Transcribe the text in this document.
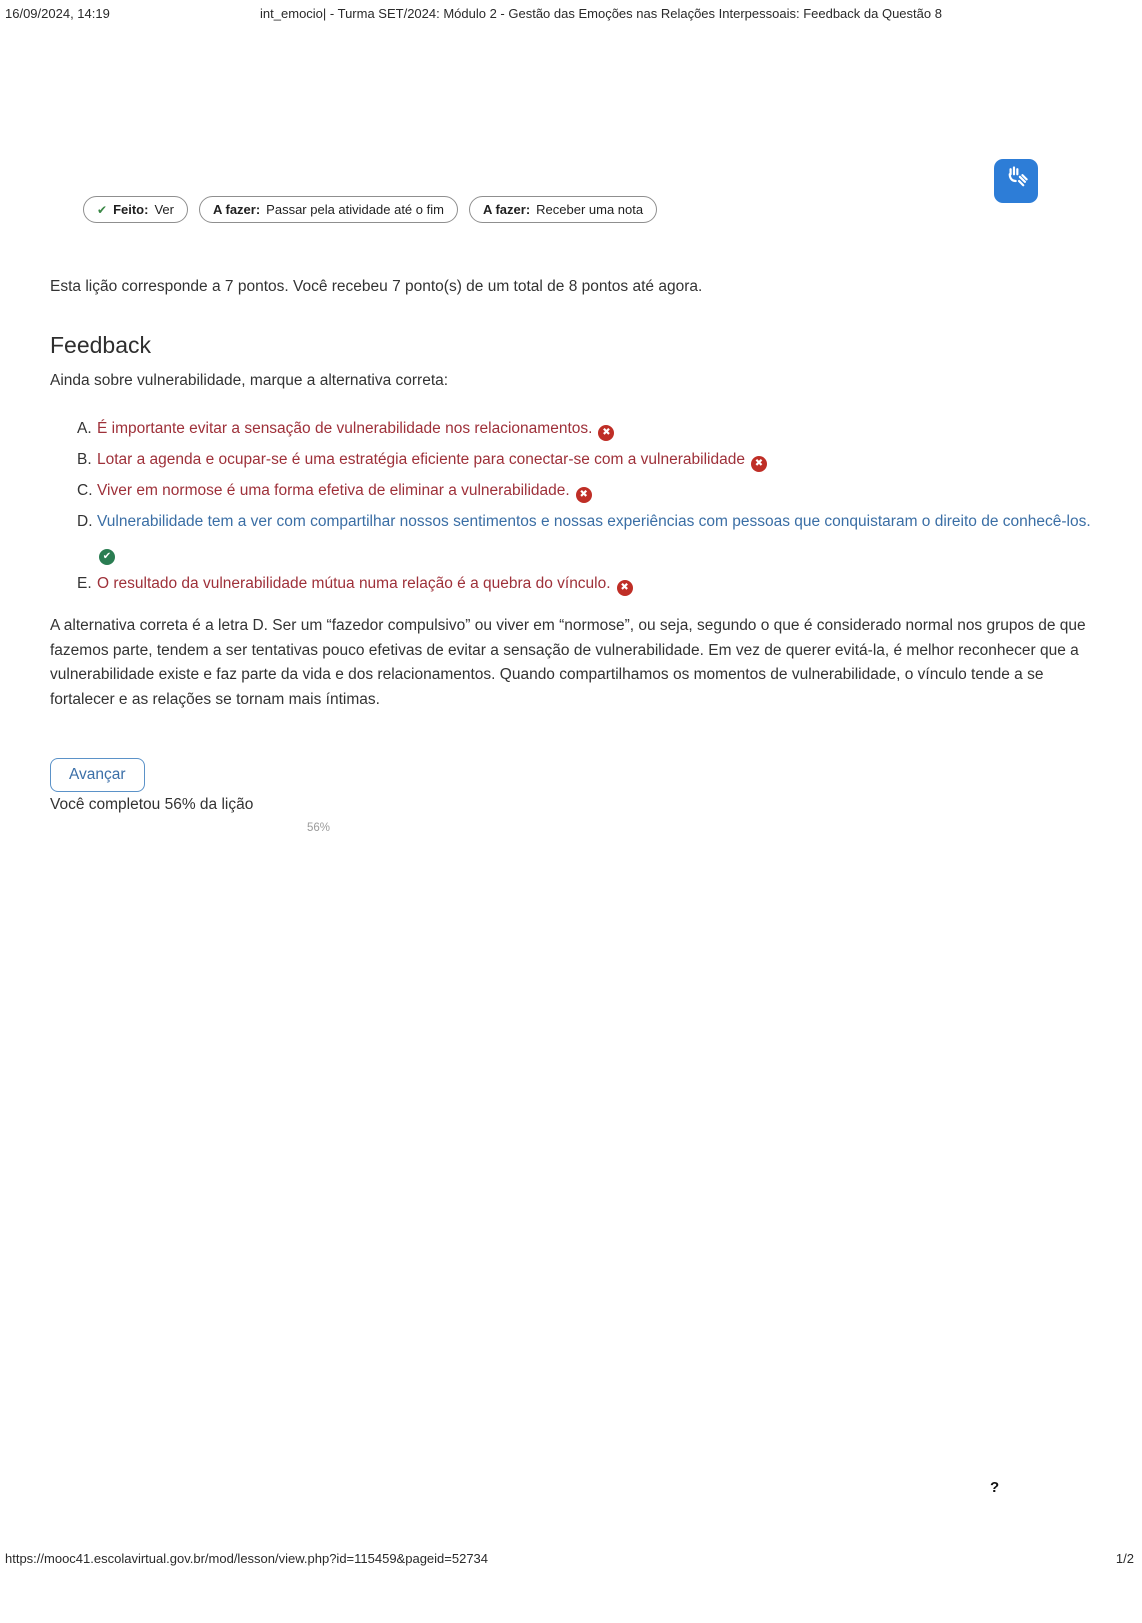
16/09/2024, 14:19	int_emocio| - Turma SET/2024: Módulo 2 - Gestão das Emoções nas Relações Interpessoais: Feedback da Questão 8
✔ Feito: Ver	A fazer: Passar pela atividade até o fim	A fazer: Receber uma nota

Esta lição corresponde a 7 pontos. Você recebeu 7 ponto(s) de um total de 8 pontos até agora.

Feedback

Ainda sobre vulnerabilidade, marque a alternativa correta:

A. É importante evitar a sensação de vulnerabilidade nos relacionamentos. ✖
B. Lotar a agenda e ocupar-se é uma estratégia eficiente para conectar-se com a vulnerabilidade ✖
C. Viver em normose é uma forma efetiva de eliminar a vulnerabilidade. ✖
D. Vulnerabilidade tem a ver com compartilhar nossos sentimentos e nossas experiências com pessoas que conquistaram o direito de conhecê-los.✔
E. O resultado da vulnerabilidade mútua numa relação é a quebra do vínculo. ✖

A alternativa correta é a letra D. Ser um “fazedor compulsivo” ou viver em “normose”, ou seja, segundo o que é considerado normal nos grupos de que fazemos parte, tendem a ser tentativas pouco efetivas de evitar a sensação de vulnerabilidade. Em vez de querer evitá-la, é melhor reconhecer que a vulnerabilidade existe e faz parte da vida e dos relacionamentos. Quando compartilhamos os momentos de vulnerabilidade, o vínculo tende a se fortalecer e as relações se tornam mais íntimas.

Avançar

Você completou 56% da lição

56%
?
https://mooc41.escolavirtual.gov.br/mod/lesson/view.php?id=115459&pageid=52734	1/2
